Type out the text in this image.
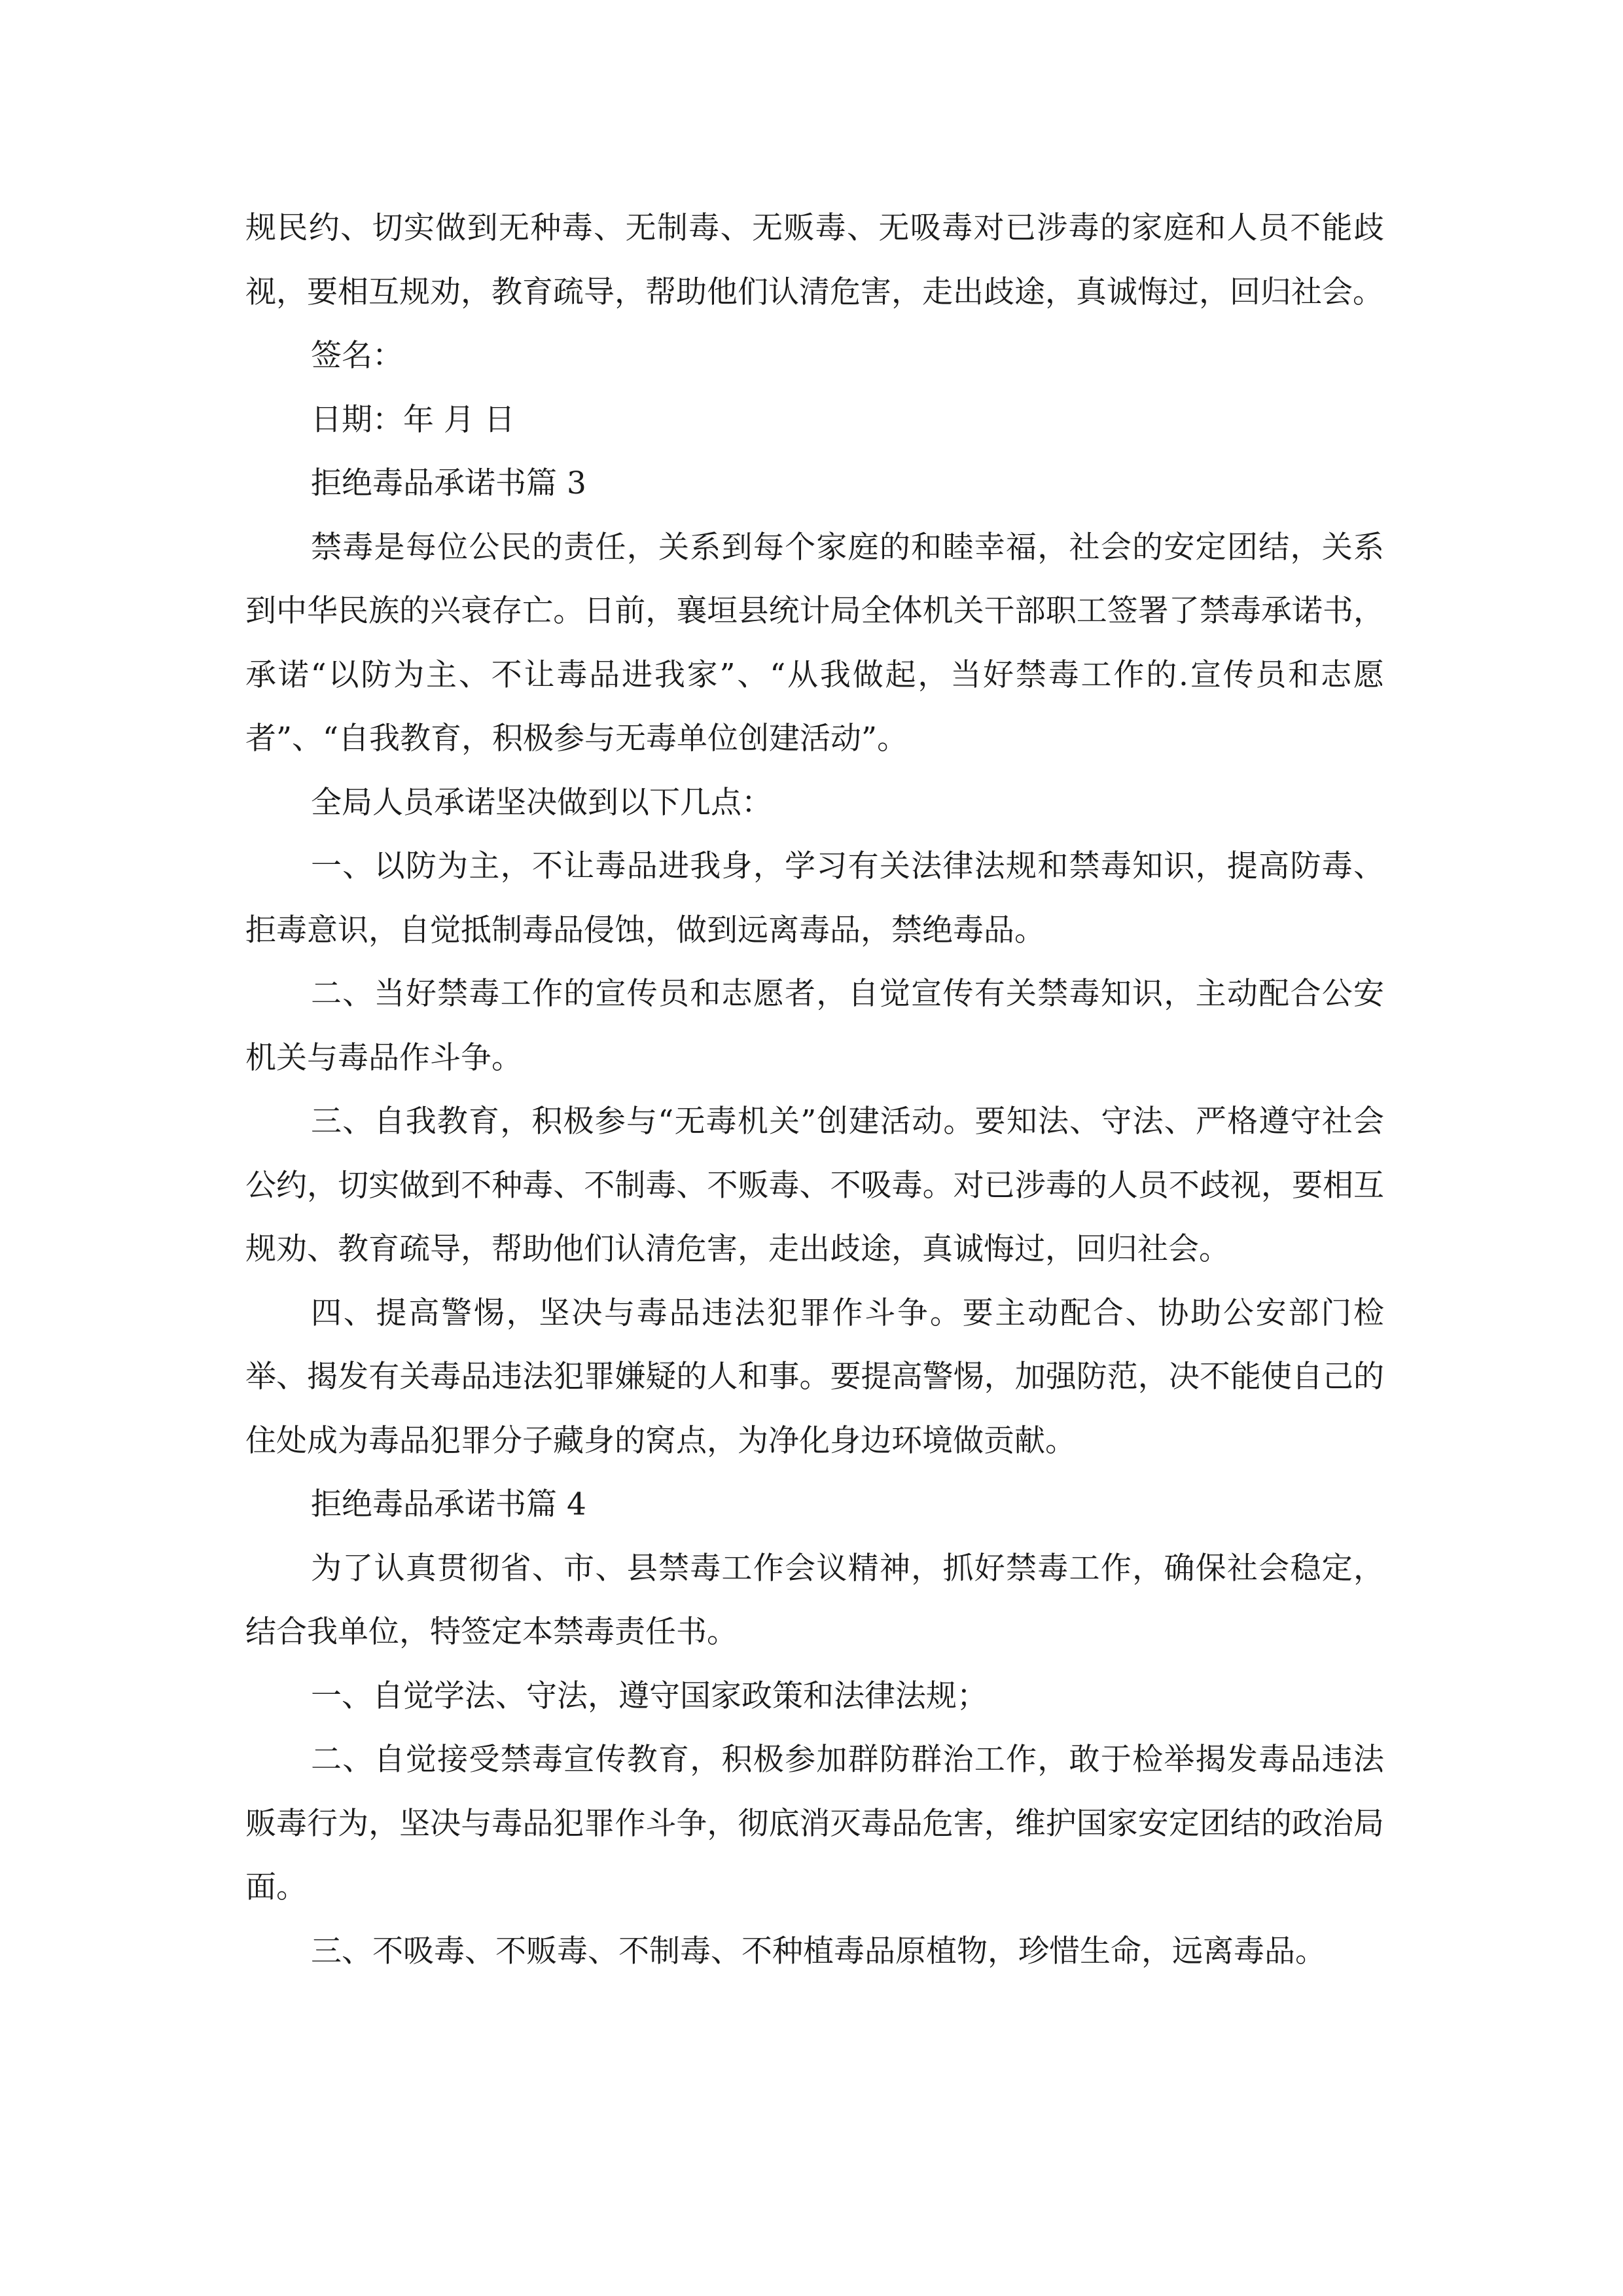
规民约、切实做到无种毒、无制毒、无贩毒、无吸毒对已涉毒的家庭和人员不能歧视，要相互规劝，教育疏导，帮助他们认清危害，走出歧途，真诚悔过，回归社会。

签名：

日期：年 月 日

拒绝毒品承诺书篇 3

禁毒是每位公民的责任，关系到每个家庭的和睦幸福，社会的安定团结，关系到中华民族的兴衰存亡。日前，襄垣县统计局全体机关干部职工签署了禁毒承诺书，承诺“以防为主、不让毒品进我家”、“从我做起，当好禁毒工作的.宣传员和志愿者”、“自我教育，积极参与无毒单位创建活动”。

全局人员承诺坚决做到以下几点：

一、以防为主，不让毒品进我身，学习有关法律法规和禁毒知识，提高防毒、拒毒意识，自觉抵制毒品侵蚀，做到远离毒品，禁绝毒品。

二、当好禁毒工作的宣传员和志愿者，自觉宣传有关禁毒知识，主动配合公安机关与毒品作斗争。

三、自我教育，积极参与“无毒机关”创建活动。要知法、守法、严格遵守社会公约，切实做到不种毒、不制毒、不贩毒、不吸毒。对已涉毒的人员不歧视，要相互规劝、教育疏导，帮助他们认清危害，走出歧途，真诚悔过，回归社会。

四、提高警惕，坚决与毒品违法犯罪作斗争。要主动配合、协助公安部门检举、揭发有关毒品违法犯罪嫌疑的人和事。要提高警惕，加强防范，决不能使自己的住处成为毒品犯罪分子藏身的窝点，为净化身边环境做贡献。

拒绝毒品承诺书篇 4

为了认真贯彻省、市、县禁毒工作会议精神，抓好禁毒工作，确保社会稳定，结合我单位，特签定本禁毒责任书。

一、自觉学法、守法，遵守国家政策和法律法规；

二、自觉接受禁毒宣传教育，积极参加群防群治工作，敢于检举揭发毒品违法贩毒行为，坚决与毒品犯罪作斗争，彻底消灭毒品危害，维护国家安定团结的政治局面。

三、不吸毒、不贩毒、不制毒、不种植毒品原植物，珍惜生命，远离毒品。
